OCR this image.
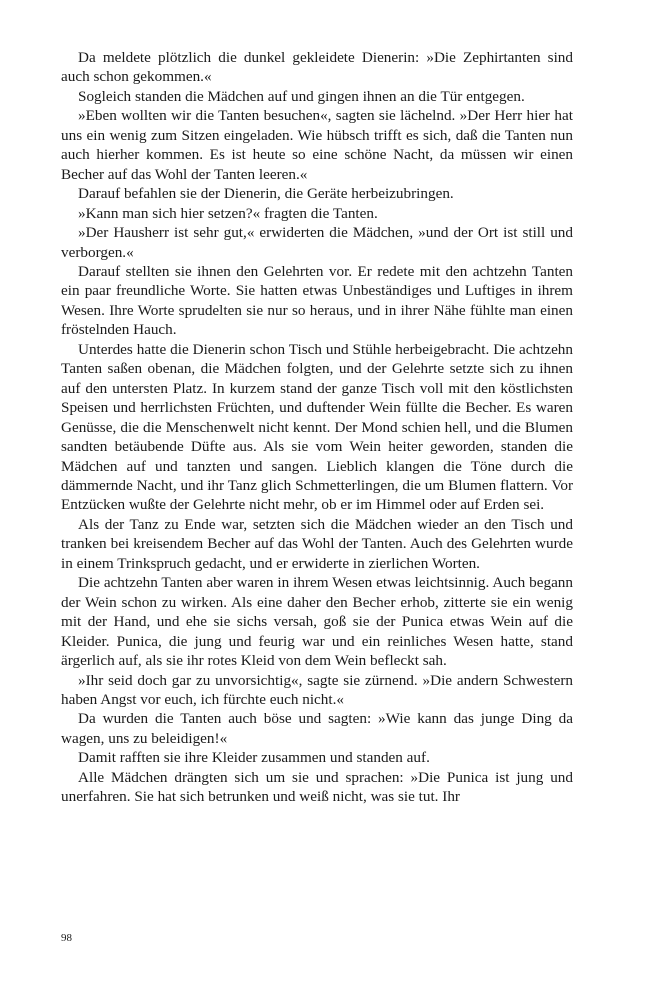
Da meldete plötzlich die dunkel gekleidete Dienerin: »Die Zephirtanten sind auch schon gekommen.«

Sogleich standen die Mädchen auf und gingen ihnen an die Tür entgegen.

»Eben wollten wir die Tanten besuchen«, sagten sie lächelnd. »Der Herr hier hat uns ein wenig zum Sitzen eingeladen. Wie hübsch trifft es sich, daß die Tanten nun auch hierher kommen. Es ist heute so eine schöne Nacht, da müssen wir einen Becher auf das Wohl der Tanten leeren.«

Darauf befahlen sie der Dienerin, die Geräte herbeizubringen.

»Kann man sich hier setzen?« fragten die Tanten.

»Der Hausherr ist sehr gut,« erwiderten die Mädchen, »und der Ort ist still und verborgen.«

Darauf stellten sie ihnen den Gelehrten vor. Er redete mit den achtzehn Tanten ein paar freundliche Worte. Sie hatten etwas Unbeständiges und Luftiges in ihrem Wesen. Ihre Worte sprudelten sie nur so heraus, und in ihrer Nähe fühlte man einen fröstelnden Hauch.

Unterdes hatte die Dienerin schon Tisch und Stühle herbeigebracht. Die achtzehn Tanten saßen obenan, die Mädchen folgten, und der Gelehrte setzte sich zu ihnen auf den untersten Platz. In kurzem stand der ganze Tisch voll mit den köstlichsten Speisen und herrlichsten Früchten, und duftender Wein füllte die Becher. Es waren Genüsse, die die Menschenwelt nicht kennt. Der Mond schien hell, und die Blumen sandten betäubende Düfte aus. Als sie vom Wein heiter geworden, standen die Mädchen auf und tanzten und sangen. Lieblich klangen die Töne durch die dämmernde Nacht, und ihr Tanz glich Schmetterlingen, die um Blumen flattern. Vor Entzücken wußte der Gelehrte nicht mehr, ob er im Himmel oder auf Erden sei.

Als der Tanz zu Ende war, setzten sich die Mädchen wieder an den Tisch und tranken bei kreisendem Becher auf das Wohl der Tanten. Auch des Gelehrten wurde in einem Trinkspruch gedacht, und er erwiderte in zierlichen Worten.

Die achtzehn Tanten aber waren in ihrem Wesen etwas leichtsinnig. Auch begann der Wein schon zu wirken. Als eine daher den Becher erhob, zitterte sie ein wenig mit der Hand, und ehe sie sichs versah, goß sie der Punica etwas Wein auf die Kleider. Punica, die jung und feurig war und ein reinliches Wesen hatte, stand ärgerlich auf, als sie ihr rotes Kleid von dem Wein befleckt sah.

»Ihr seid doch gar zu unvorsichtig«, sagte sie zürnend. »Die andern Schwestern haben Angst vor euch, ich fürchte euch nicht.«

Da wurden die Tanten auch böse und sagten: »Wie kann das junge Ding da wagen, uns zu beleidigen!«

Damit rafften sie ihre Kleider zusammen und standen auf.

Alle Mädchen drängten sich um sie und sprachen: »Die Punica ist jung und unerfahren. Sie hat sich betrunken und weiß nicht, was sie tut. Ihr

98
